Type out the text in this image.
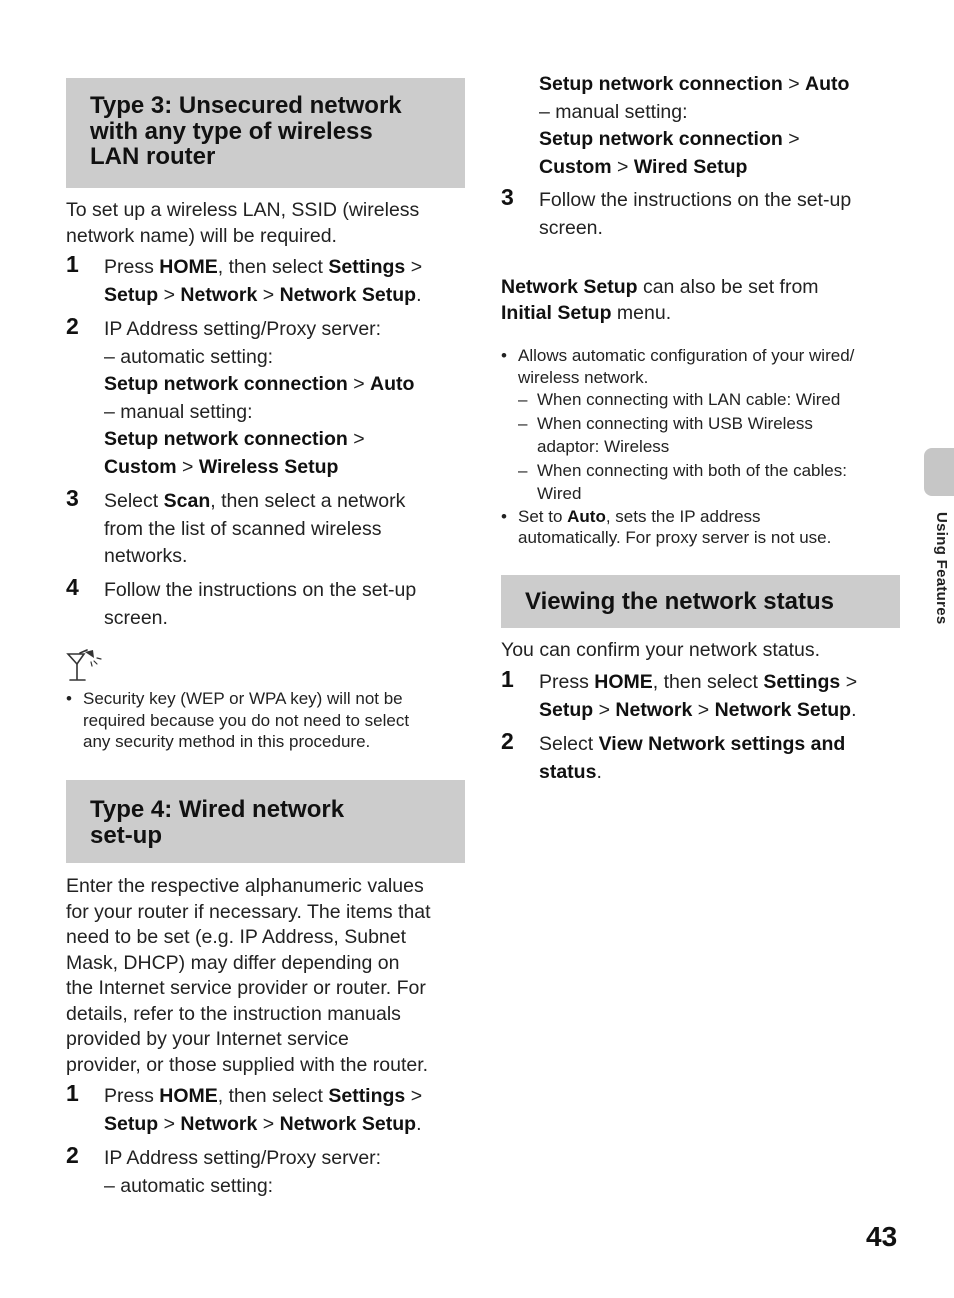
Type 3: Unsecured network
with any type of wireless
LAN router
To set up a wireless LAN, SSID (wireless
network name) will be required.
1 Press HOME, then select Settings >
Setup > Network > Network Setup.
2 IP Address setting/Proxy server:
– automatic setting:
Setup network connection > Auto
– manual setting:
Setup network connection >
Custom > Wireless Setup
3 Select Scan, then select a network
from the list of scanned wireless
networks.
4 Follow the instructions on the set-up
screen.
• Security key (WEP or WPA key) will not be
required because you do not need to select
any security method in this procedure.
Type 4: Wired network
set-up
Enter the respective alphanumeric values
for your router if necessary. The items that
need to be set (e.g. IP Address, Subnet
Mask, DHCP) may differ depending on
the Internet service provider or router. For
details, refer to the instruction manuals
provided by your Internet service
provider, or those supplied with the router.
1 Press HOME, then select Settings >
Setup > Network > Network Setup.
2 IP Address setting/Proxy server:
– automatic setting:
Setup network connection > Auto
– manual setting:
Setup network connection >
Custom > Wired Setup
3 Follow the instructions on the set-up
screen.
Network Setup can also be set from
Initial Setup menu.
• Allows automatic configuration of your wired/
wireless network.
– When connecting with LAN cable: Wired
– When connecting with USB Wireless
adaptor: Wireless
– When connecting with both of the cables:
Wired
• Set to Auto, sets the IP address
automatically. For proxy server is not use.
Viewing the network status
You can confirm your network status.
1 Press HOME, then select Settings >
Setup > Network > Network Setup.
2 Select View Network settings and
status.
Using Features
43
